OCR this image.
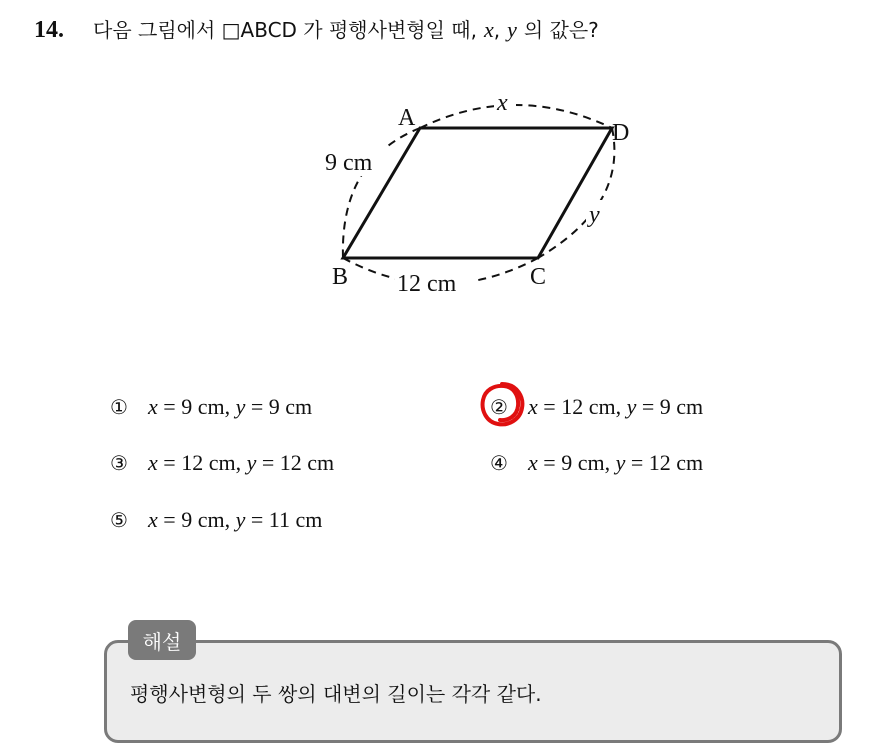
14. 다음 그림에서 □ABCD 가 평행사변형일 때, x, y 의 값은?
A
D
B	C
x
y
9 cm
12 cm
① x = 9 cm, y = 9 cm	② x = 12 cm, y = 9 cm
③ x = 12 cm, y = 12 cm	④ x = 9 cm, y = 12 cm
⑤ x = 9 cm, y = 11 cm
해설
평행사변형의 두 쌍의 대변의 길이는 각각 같다.
